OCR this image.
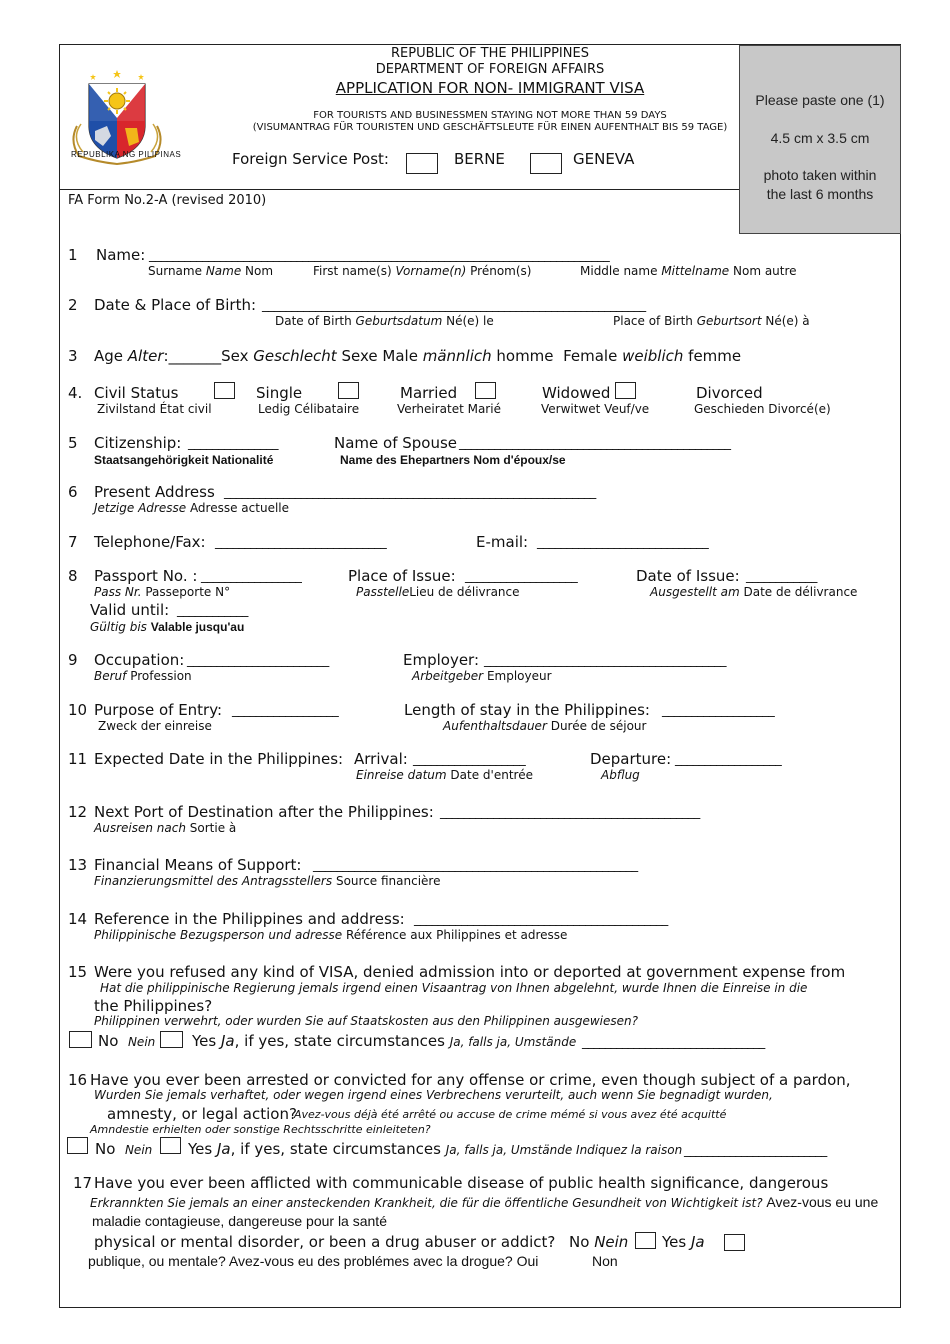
REPUBLIKA NG PILIPINAS
REPUBLIC OF THE PHILIPPINES
DEPARTMENT OF FOREIGN AFFAIRS
APPLICATION FOR NON- IMMIGRANT VISA
FOR TOURISTS AND BUSINESSMEN STAYING NOT MORE THAN 59 DAYS
(VISUMANTRAG FÜR TOURISTEN UND GESCHÄFTSLEUTE FÜR EINEN AUFENTHALT BIS 59 TAGE)
Foreign Service Post:	BERNE	GENEVA
FA Form No.2-A (revised 2010)
Please paste one (1)
4.5 cm x 3.5 cm
photo taken within
the last 6 months
1 Name: ______________________________________________________________________________
Surname Name Nom	First name(s) Vorname(n) Prénom(s)	Middle name Mittelname Nom autre
2 Date & Place of Birth: _________________________________________________________________
Date of Birth Geburtsdatum Né(e) le	Place of Birth Geburtsort Né(e) à
3 Age Alter:_______Sex Geschlecht Sexe Male männlich homme Female weiblich femme
4. Civil Status
Zivilstand État civil
Single
Ledig Célibataire
Married
Verheiratet Marié
Widowed
Verwitwet Veuf/ve
Divorced
Geschieden Divorcé(e)
5 Citizenship: _______________	Name of Spouse ______________________________________________
Staatsangehörigkeit Nationalité	Name des Ehepartners Nom d'époux/se
6 Present Address _______________________________________________________________
Jetzige Adresse Adresse actuelle
7 Telephone/Fax: _____________________________	E-mail: _____________________________
8 Passport No. : _________________	Place of Issue: ___________________	Date of Issue: ____________
Pass Nr. Passeporte N°	PasstelleLieu de délivrance	Ausgestellt am Date de délivrance
Valid until: ____________
Gültig bis Valable jusqu'au
9 Occupation: ________________________	Employer: _________________________________________
Beruf Profession	Arbeitgeber Employeur
10 Purpose of Entry: __________________	Length of stay in the Philippines: ___________________
Zweck der einreise	Aufenthaltsdauer Durée de séjour
11 Expected Date in the Philippines: Arrival: ___________________	Departure: __________________
Einreise datum Date d'entrée	Abflug
12 Next Port of Destination after the Philippines: ____________________________________________
Ausreisen nach Sortie à
13 Financial Means of Support: _______________________________________________________
Finanzierungsmittel des Antragsstellers Source financière
14 Reference in the Philippines and address: ___________________________________________
Philippinische Bezugsperson und adresse Référence aux Philippines et adresse
15 Were you refused any kind of VISA, denied admission into or deported at government expense from
Hat die philippinische Regierung jemals irgend einen Visaantrag von Ihnen abgelehnt, wurde Ihnen die Einreise in die
the Philippines?
Philippinen verwehrt, oder wurden Sie auf Staatskosten aus den Philippinen ausgewiesen?
No Nein Yes Ja, if yes, state circumstances Ja, falls ja, Umstände ________________________________
16 Have you ever been arrested or convicted for any offense or crime, even though subject of a pardon,
Wurden Sie jemals verhaftet, oder wegen irgend eines Verbrechens verurteilt, auch wenn Sie begnadigt wurden,
amnesty, or legal action?
Avez-vous déjà été arrêté ou accuse de crime mémé si vous avez été acquitté
Amndestie erhielten oder sonstige Rechtsschritte einleiteten?
No Nein Yes Ja, if yes, state circumstances Ja, falls ja, Umstände Indiquez la raison _________________________
17 Have you ever been afflicted with communicable disease of public health significance, dangerous
Erkrannkten Sie jemals an einer ansteckenden Krankheit, die für die öffentliche Gesundheit von Wichtigkeit ist? Avez-vous eu une
maladie contagieuse, dangereuse pour la santé
physical or mental disorder, or been a drug abuser or addict? No Nein Yes Ja
publique, ou mentale? Avez-vous eu des problémes avec la drogue? Oui	Non
